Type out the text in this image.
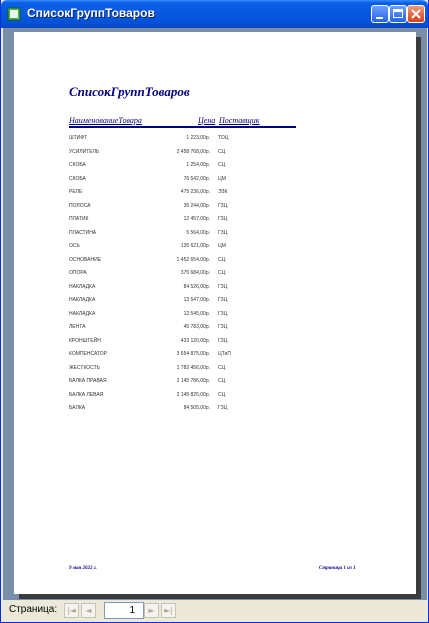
СписокГруппТоваров
СписокГруппТоваров
НаименованиеТовара	Цена Поставщик
ШТИФТ	1 223,00р. ТОЦ
УСИЛИТЕЛЬ	2 458 768,00р. СЦ
СКОБА	1 254,00р. СЦ
СКОБА	76 542,00р. ЦМ
РЕЛЕ	475 236,00р. ЭЗК
ПОЛОСА	35 244,00р. ГЗЦ
ПЛАТИК	12 457,00р. ГЗЦ
ПЛАСТИНА	5 564,00р. ГЗЦ
ОСЬ	135 621,00р. ЦМ
ОСНОВАНИЕ	1 452 654,00р. СЦ
ОПОРА	375 684,00р. СЦ
НАКЛАДКА	84 526,00р. ГЗЦ
НАКЛАДКА	13 547,00р. ГЗЦ
НАКЛАДКА	12 545,00р. ГЗЦ
ЛЕНТА	45 783,00р. ГЗЦ
КРОНШТЕЙН	433 120,00р. ГЗЦ
КОМПЕНСАТОР	3 654 875,00р. ЦТиП
ЖЕСТКОСТЬ	1 782 456,00р. СЦ
БАЛКА ПРАВАЯ	2 145 786,00р. СЦ
БАЛКА ЛЕВАЯ	2 145 825,00р. СЦ
БАЛКА	84 505,00р. ГЗЦ
9 мая 2022 г.	Страница 1 из 1
Страница:	|◄	◄	1	►	►|
